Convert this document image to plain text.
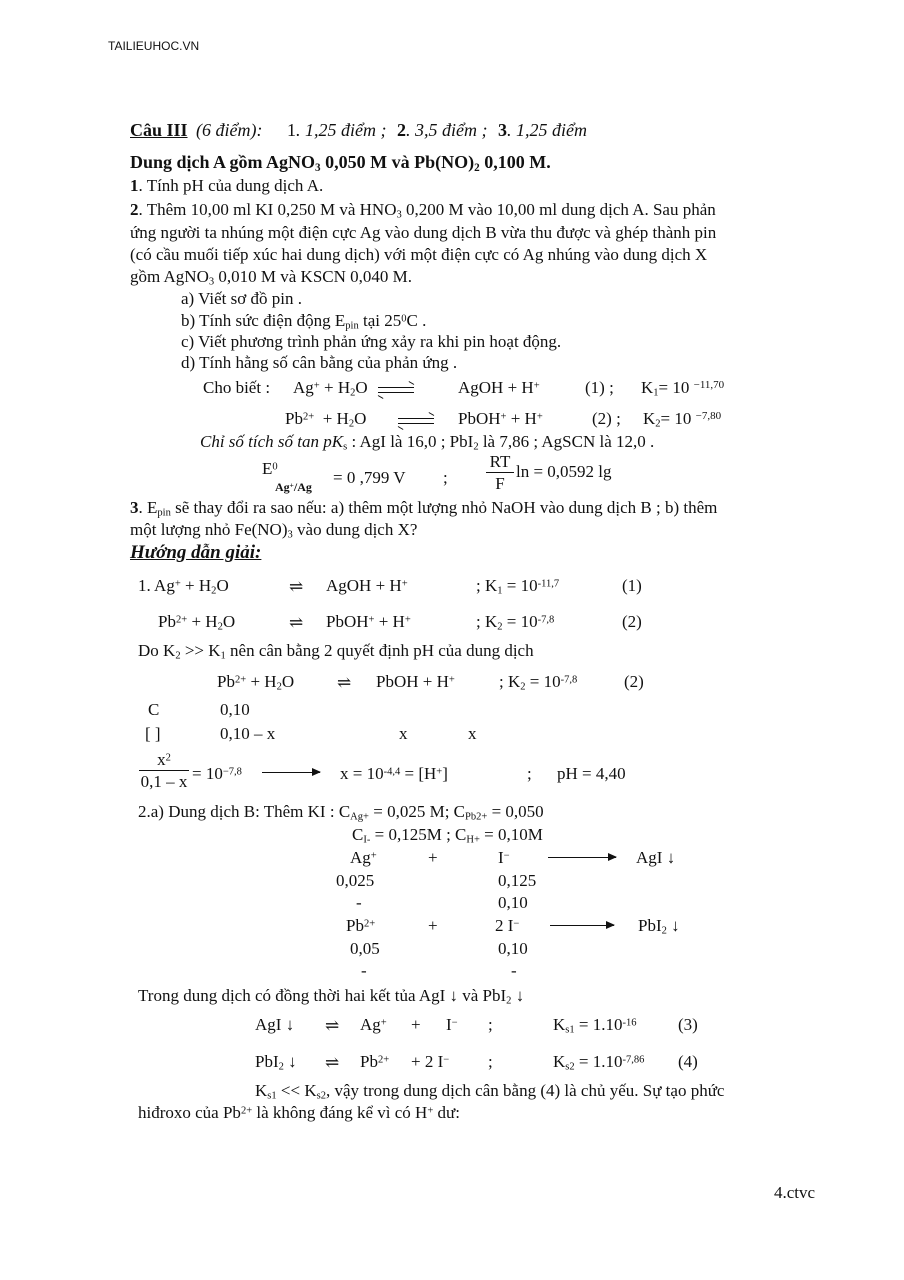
TAILIEUHOC.VN
Câu III (6 điểm): 1. 1,25 điểm ; 2. 3,5 điểm ; 3. 1,25 điểm
Dung dịch A gồm AgNO$_3$ 0,050 M và $Pb(NO)_2$ 0,100 M.
1. Tính pH của dung dịch A.
2. Thêm 10,00 ml KI 0,250 M và $HNO_3$ 0,200 M vào 10,00 ml dung dịch A. Sau phản
ứng người ta nhúng một điện cực Ag vào dung dịch B vừa thu được và ghép thành pin
(có cầu muối tiếp xúc hai dung dịch) với một điện cực có Ag nhúng vào dung dịch X
gồm AgNO$_3$ 0,010 M và KSCN 0,040 M.
a) Viết sơ đồ pin .
b) Tính sức điện động $E_{pin}$ tại $25^0C$ .
c) Viết phương trình phản ứng xảy ra khi pin hoạt động.
d) Tính hằng số cân bằng của phản ứng .
Cho biết : $Ag^+ + H_2O$	AgOH + H+	(1) ; $K_1= 10$ $^{-11,70}$
$Pb^{2+} + H_2O$	PbOH+ + H+	(2) ; $K_2= 10$ $^{-7,80}$
Chỉ số tích số $\tan pK_s$ : AgI là 16,0 ; PbI$_2$ là 7,86 ; AgSCN là 12,0 .
$E^0$
Ag+/Ag = 0 ,799 V ; $\frac{RT}{F}$ ln = 0,0592 lg
3. $E_{pin}$ sẽ thay đổi ra sao nếu: a) thêm một lượng nhỏ NaOH vào dung dịch B ; b) thêm
một lượng nhỏ $Fe(NO)_3$ vào dung dịch X?
Hướng dẫn giải:
1. $Ag^+ + H_2O$	⇌ AgOH + H+	; $K_1 = 10^{-11,7}$	(1)
$Pb^{2+} + H_2O$	⇌ PbOH+ + H+	; $K_2 = 10^{-7,8}$	(2)
Do $K_2 >> K_1$ nên cân bằng 2 quyết định pH của dung dịch
$Pb^{2+} + H_2O$	⇌ PbOH + H+	; $K_2 = 10^{-7,8}$	(2)
C	0,10
[ ]	0,10 – x	x	x
$\frac{x^2}{0,1 - x} = 10^{-7,8}$	$x = 10^{-4,4} = [H^+]$	; pH = 4,40
2.a) Dung dịch B: Thêm KI : $C_{Ag+} = 0,025$ M; $C_{Pb2+} = 0,050$
$C_{I-} = 0,125M$ ; $C_{H+} = 0,10M$
Ag+	+	I−	AgI ↓
0,025	0,125
-	0,10
$Pb^{2+}$	+	2 I−	PbI$_2$ ↓
0,05	0,10
-	-
Trong dung dịch có đồng thời hai kết tủa AgI ↓ và PbI$_2$ ↓
AgI ↓ ⇌ Ag+ + I− ;	$K_{s1} = 1.10^{-16}$ (3)
PbI$_2$ ↓ ⇌ $Pb^{2+} + 2$ I− ;	$K_{s2} = 1.10^{-7,86}$ (4)
$K_{s1} << K_{s2}$, vậy trong dung dịch cân bằng (4) là chủ yếu. Sự tạo phức
hiđroxo của $Pb^{2+}$ là không đáng kể vì có H+ dư:
4.ctvc
